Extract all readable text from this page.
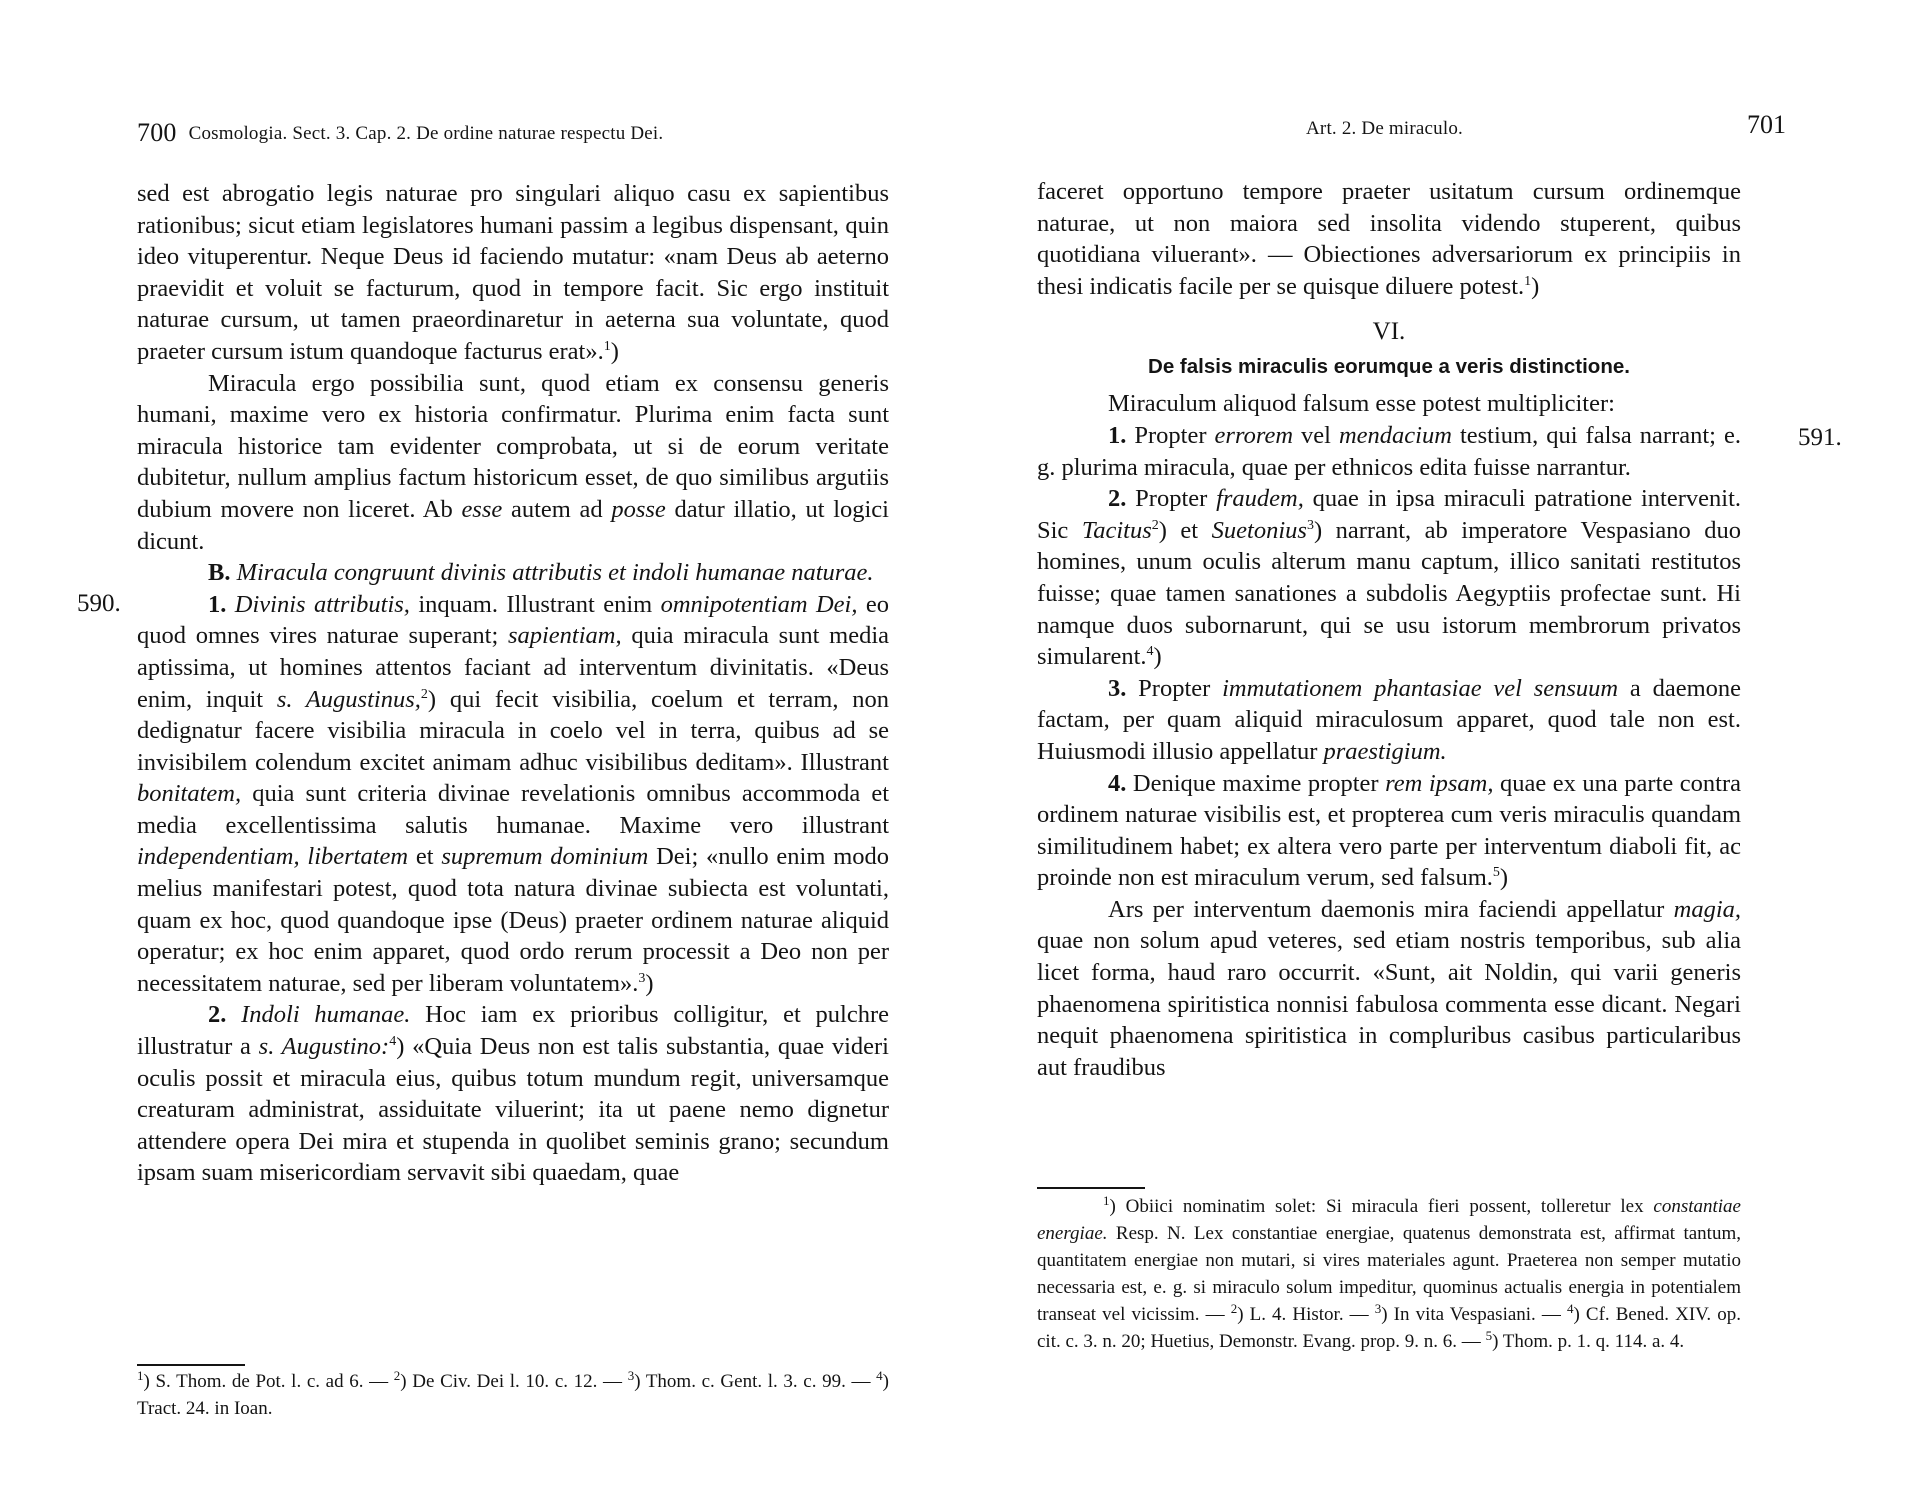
700 Cosmologia. Sect. 3. Cap. 2. De ordine naturae respectu Dei.
590.

sed est abrogatio legis naturae pro singulari aliquo casu ex sapientibus rationibus; sicut etiam legislatores humani passim a legibus dispensant, quin ideo vituperentur. Neque Deus id faciendo mutatur: «nam Deus ab aeterno praevidit et voluit se facturum, quod in tempore facit. Sic ergo instituit naturae cursum, ut tamen praeordinaretur in aeterna sua voluntate, quod praeter cursum istum quandoque facturus erat».$^1$)

Miracula ergo possibilia sunt, quod etiam ex consensu generis humani, maxime vero ex historia confirmatur. Plurima enim facta sunt miracula historice tam evidenter comprobata, ut si de eorum veritate dubitetur, nullum amplius factum historicum esset, de quo similibus argutiis dubium movere non liceret. Ab esse autem ad posse datur illatio, ut logici dicunt.

B. Miracula congruunt divinis attributis et indoli humanae naturae.

1. Divinis attributis, inquam. Illustrant enim omnipotentiam Dei, eo quod omnes vires naturae superant; sapientiam, quia miracula sunt media aptissima, ut homines attentos faciant ad interventum divinitatis. «Deus enim, inquit s. Augustinus,$^2$) qui fecit visibilia, coelum et terram, non dedignatur facere visibilia miracula in coelo vel in terra, quibus ad se invisibilem colendum excitet animam adhuc visibilibus deditam». Illustrant bonitatem, quia sunt criteria divinae revelationis omnibus accommoda et media excellentissima salutis humanae. Maxime vero illustrant independentiam, libertatem et supremum dominium Dei; «nullo enim modo melius manifestari potest, quod tota natura divinae subiecta est voluntati, quam ex hoc, quod quandoque ipse (Deus) praeter ordinem naturae aliquid operatur; ex hoc enim apparet, quod ordo rerum processit a Deo non per necessitatem naturae, sed per liberam voluntatem».$^3$)

2. Indoli humanae. Hoc iam ex prioribus colligitur, et pulchre illustratur a s. Augustino:$^4$) «Quia Deus non est talis substantia, quae videri oculis possit et miracula eius, quibus totum mundum regit, universamque creaturam administrat, assiduitate viluerint; ita ut paene nemo dignetur attendere opera Dei mira et stupenda in quolibet seminis grano; secundum ipsam suam misericordiam servavit sibi quaedam, quae

$^1$) S. Thom. de Pot. l. c. ad 6. — $^2$) De Civ. Dei l. 10. c. 12. — $^3$) Thom. c. Gent. l. 3. c. 99. — $^4$) Tract. 24. in Ioan.

Art. 2. De miraculo.	701
591.

faceret opportuno tempore praeter usitatum cursum ordinemque naturae, ut non maiora sed insolita videndo stuperent, quibus quotidiana viluerant». — Obiectiones adversariorum ex principiis in thesi indicatis facile per se quisque diluere potest.$^1$)

VI.
De falsis miraculis eorumque a veris distinctione.

Miraculum aliquod falsum esse potest multipliciter:

1. Propter errorem vel mendacium testium, qui falsa narrant; e. g. plurima miracula, quae per ethnicos edita fuisse narrantur.

2. Propter fraudem, quae in ipsa miraculi patratione intervenit. Sic Tacitus$^2$) et Suetonius$^3$) narrant, ab imperatore Vespasiano duo homines, unum oculis alterum manu captum, illico sanitati restitutos fuisse; quae tamen sanationes a subdolis Aegyptiis profectae sunt. Hi namque duos subornarunt, qui se usu istorum membrorum privatos simularent.$^4$)

3. Propter immutationem phantasiae vel sensuum a daemone factam, per quam aliquid miraculosum apparet, quod tale non est. Huiusmodi illusio appellatur praestigium.

4. Denique maxime propter rem ipsam, quae ex una parte contra ordinem naturae visibilis est, et propterea cum veris miraculis quandam similitudinem habet; ex altera vero parte per interventum diaboli fit, ac proinde non est miraculum verum, sed falsum.$^5$)

Ars per interventum daemonis mira faciendi appellatur magia, quae non solum apud veteres, sed etiam nostris temporibus, sub alia licet forma, haud raro occurrit. «Sunt, ait Noldin, qui varii generis phaenomena spiritistica nonnisi fabulosa commenta esse dicant. Negari nequit phaenomena spiritistica in compluribus casibus particularibus aut fraudibus

$^1$) Obiici nominatim solet: Si miracula fieri possent, tolleretur lex constantiae energiae. Resp. N. Lex constantiae energiae, quatenus demonstrata est, affirmat tantum, quantitatem energiae non mutari, si vires materiales agunt. Praeterea non semper mutatio necessaria est, e. g. si miraculo solum impeditur, quominus actualis energia in potentialem transeat vel vicissim. — $^2$) L. 4. Histor. — $^3$) In vita Vespasiani. — $^4$) Cf. Bened. XIV. op. cit. c. 3. n. 20; Huetius, Demonstr. Evang. prop. 9. n. 6. — $^5$) Thom. p. 1. q. 114. a. 4.
